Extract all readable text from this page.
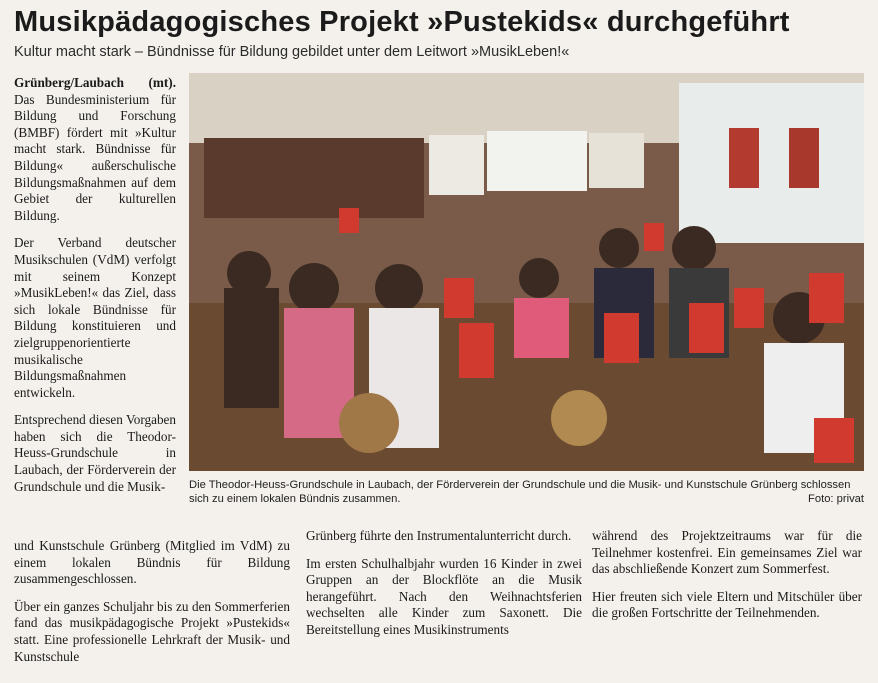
Musikpädagogisches Projekt »Pustekids« durchgeführt
Kultur macht stark – Bündnisse für Bildung gebildet unter dem Leitwort »MusikLeben!«

Grünberg/Laubach (mt). Das Bundesministerium für Bildung und Forschung (BMBF) fördert mit »Kultur macht stark. Bündnisse für Bildung« außerschulische Bildungsmaßnahmen auf dem Gebiet der kulturellen Bildung.

Der Verband deutscher Musikschulen (VdM) verfolgt mit seinem Konzept »MusikLeben!« das Ziel, dass sich lokale Bündnisse für Bildung konstituieren und zielgruppenorientierte musikalische Bildungsmaßnahmen entwickeln.

Entsprechend diesen Vorgaben haben sich die Theodor-Heuss-Grundschule in Laubach, der Förderverein der Grundschule und die Musik-	Die Theodor-Heuss-Grundschule in Laubach, der Förderverein der Grundschule und die Musik- und Kunstschule Grünberg schlossen sich zu einem lokalen Bündnis zusammen.	Foto: privat

und Kunstschule Grünberg (Mitglied im VdM) zu einem lokalen Bündnis für Bildung zusammengeschlossen.

Über ein ganzes Schuljahr bis zu den Sommerferien fand das musikpädagogische Projekt »Pustekids« statt. Eine professionelle Lehrkraft der Musik- und Kunstschule

Grünberg führte den Instrumentalunterricht durch.

Im ersten Schulhalbjahr wurden 16 Kinder in zwei Gruppen an der Blockflöte an die Musik herangeführt. Nach den Weihnachtsferien wechselten alle Kinder zum Saxonett. Die Bereitstellung eines Musikinstruments

während des Projektzeitraums war für die Teilnehmer kostenfrei. Ein gemeinsames Ziel war das abschließende Konzert zum Sommerfest.

Hier freuten sich viele Eltern und Mitschüler über die großen Fortschritte der Teilnehmenden.
